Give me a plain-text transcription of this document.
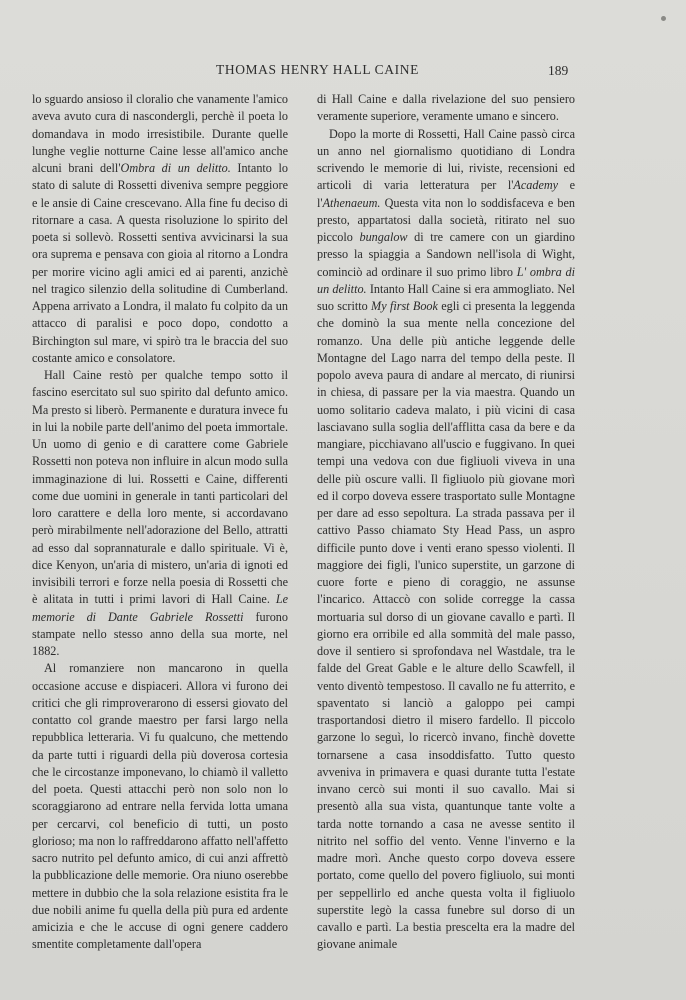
THOMAS HENRY HALL CAINE	189

lo sguardo ansioso il cloralio che vanamente l'amico aveva avuto cura di nascondergli, perchè il poeta lo domandava in modo irresistibile. Durante quelle lunghe veglie notturne Caine lesse all'amico anche alcuni brani dell'Ombra di un delitto. Intanto lo stato di salute di Rossetti diveniva sempre peggiore e le ansie di Caine crescevano. Alla fine fu deciso di ritornare a casa. A questa risoluzione lo spirito del poeta si sollevò. Rossetti sentiva avvicinarsi la sua ora suprema e pensava con gioia al ritorno a Londra per morire vicino agli amici ed ai parenti, anzichè nel tragico silenzio della solitudine di Cumberland. Appena arrivato a Londra, il malato fu colpito da un attacco di paralisi e poco dopo, condotto a Birchington sul mare, vi spirò tra le braccia del suo costante amico e consolatore.

Hall Caine restò per qualche tempo sotto il fascino esercitato sul suo spirito dal defunto amico. Ma presto si liberò. Permanente e duratura invece fu in lui la nobile parte dell'animo del poeta immortale. Un uomo di genio e di carattere come Gabriele Rossetti non poteva non influire in alcun modo sulla immaginazione di lui. Rossetti e Caine, differenti come due uomini in generale in tanti particolari del loro carattere e della loro mente, si accordavano però mirabilmente nell'adorazione del Bello, attratti ad esso dal soprannaturale e dallo spirituale. Vi è, dice Kenyon, un'aria di mistero, un'aria di ignoti ed invisibili terrori e forze nella poesia di Rossetti che è alitata in tutti i primi lavori di Hall Caine. Le memorie di Dante Gabriele Rossetti furono stampate nello stesso anno della sua morte, nel 1882.

Al romanziere non mancarono in quella occasione accuse e dispiaceri. Allora vi furono dei critici che gli rimproverarono di essersi giovato del contatto col grande maestro per farsi largo nella repubblica letteraria. Vi fu qualcuno, che mettendo da parte tutti i riguardi della più doverosa cortesia che le circostanze imponevano, lo chiamò il valletto del poeta. Questi attacchi però non solo non lo scoraggiarono ad entrare nella fervida lotta umana per cercarvi, col beneficio di tutti, un posto glorioso; ma non lo raffreddarono affatto nell'affetto sacro nutrito pel defunto amico, di cui anzi affrettò la pubblicazione delle memorie. Ora niuno oserebbe mettere in dubbio che la sola relazione esistita fra le due nobili anime fu quella della più pura ed ardente amicizia e che le accuse di ogni genere caddero smentite completamente dall'opera

di Hall Caine e dalla rivelazione del suo pensiero veramente superiore, veramente umano e sincero.

Dopo la morte di Rossetti, Hall Caine passò circa un anno nel giornalismo quotidiano di Londra scrivendo le memorie di lui, riviste, recensioni ed articoli di varia letteratura per l'Academy e l'Athenaeum. Questa vita non lo soddisfaceva e ben presto, appartatosi dalla società, ritirato nel suo piccolo bungalow di tre camere con un giardino presso la spiaggia a Sandown nell'isola di Wight, cominciò ad ordinare il suo primo libro L' ombra di un delitto. Intanto Hall Caine si era ammogliato. Nel suo scritto My first Book egli ci presenta la leggenda che dominò la sua mente nella concezione del romanzo. Una delle più antiche leggende delle Montagne del Lago narra del tempo della peste. Il popolo aveva paura di andare al mercato, di riunirsi in chiesa, di passare per la via maestra. Quando un uomo solitario cadeva malato, i più vicini di casa lasciavano sulla soglia dell'afflitta casa da bere e da mangiare, picchiavano all'uscio e fuggivano. In quei tempi una vedova con due figliuoli viveva in una delle più oscure valli. Il figliuolo più giovane morì ed il corpo doveva essere trasportato sulle Montagne per dare ad esso sepoltura. La strada passava per il cattivo Passo chiamato Sty Head Pass, un aspro difficile punto dove i venti erano spesso violenti. Il maggiore dei figli, l'unico superstite, un garzone di cuore forte e pieno di coraggio, ne assunse l'incarico. Attaccò con solide corregge la cassa mortuaria sul dorso di un giovane cavallo e partì. Il giorno era orribile ed alla sommità del male passo, dove il sentiero si sprofondava nel Wastdale, tra le falde del Great Gable e le alture dello Scawfell, il vento diventò tempestoso. Il cavallo ne fu atterrito, e spaventato si lanciò a galoppo pei campi trasportandosi dietro il misero fardello. Il piccolo garzone lo seguì, lo ricercò invano, finchè dovette tornarsene a casa insoddisfatto. Tutto questo avveniva in primavera e quasi durante tutta l'estate invano cercò sui monti il suo cavallo. Mai si presentò alla sua vista, quantunque tante volte a tarda notte tornando a casa ne avesse sentito il nitrito nel soffio del vento. Venne l'inverno e la madre morì. Anche questo corpo doveva essere portato, come quello del povero figliuolo, sui monti per seppellirlo ed anche questa volta il figliuolo superstite legò la cassa funebre sul dorso di un cavallo e partì. La bestia prescelta era la madre del giovane animale
